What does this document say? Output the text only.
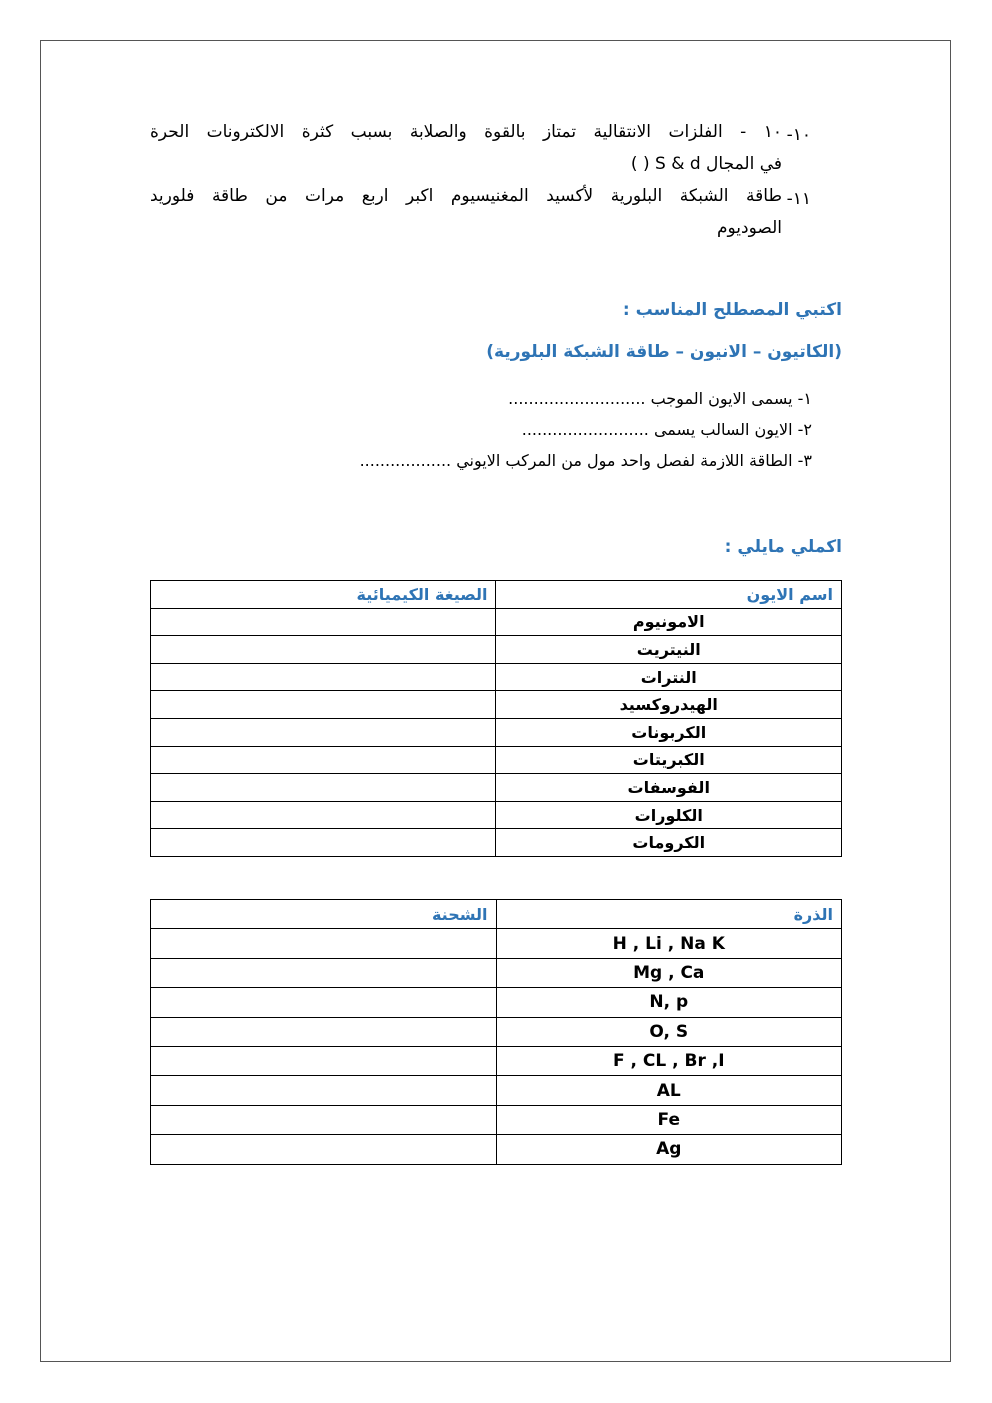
١٠-
١٠ - الفلزات الانتقالية تمتاز بالقوة والصلابة بسبب كثرة الالكترونات الحرة
في المجال S & d ( )
١١-
طاقة الشبكة البلورية لأكسيد المغنيسيوم اكبر اربع مرات من طاقة فلوريد
الصوديوم
اكتبي المصطلح المناسب :
(الكاتيون – الانيون – طاقة الشبكة البلورية)
١- يسمى الايون الموجب ...........................
٢- الايون السالب يسمى .........................
٣- الطاقة اللازمة لفصل واحد مول من المركب الايوني ..................
اكملي مايلي :
اسم الايون	الصيغة الكيميائية
الامونيوم	
النيتريت	
النترات	
الهيدروكسيد	
الكربونات	
الكبريتات	
الفوسفات	
الكلورات	
الكرومات	
الذرة	الشحنة
H , Li , Na K	
Mg , Ca	
N, p	
O, S	
F , CL , Br ,I	
AL	
Fe	
Ag	
